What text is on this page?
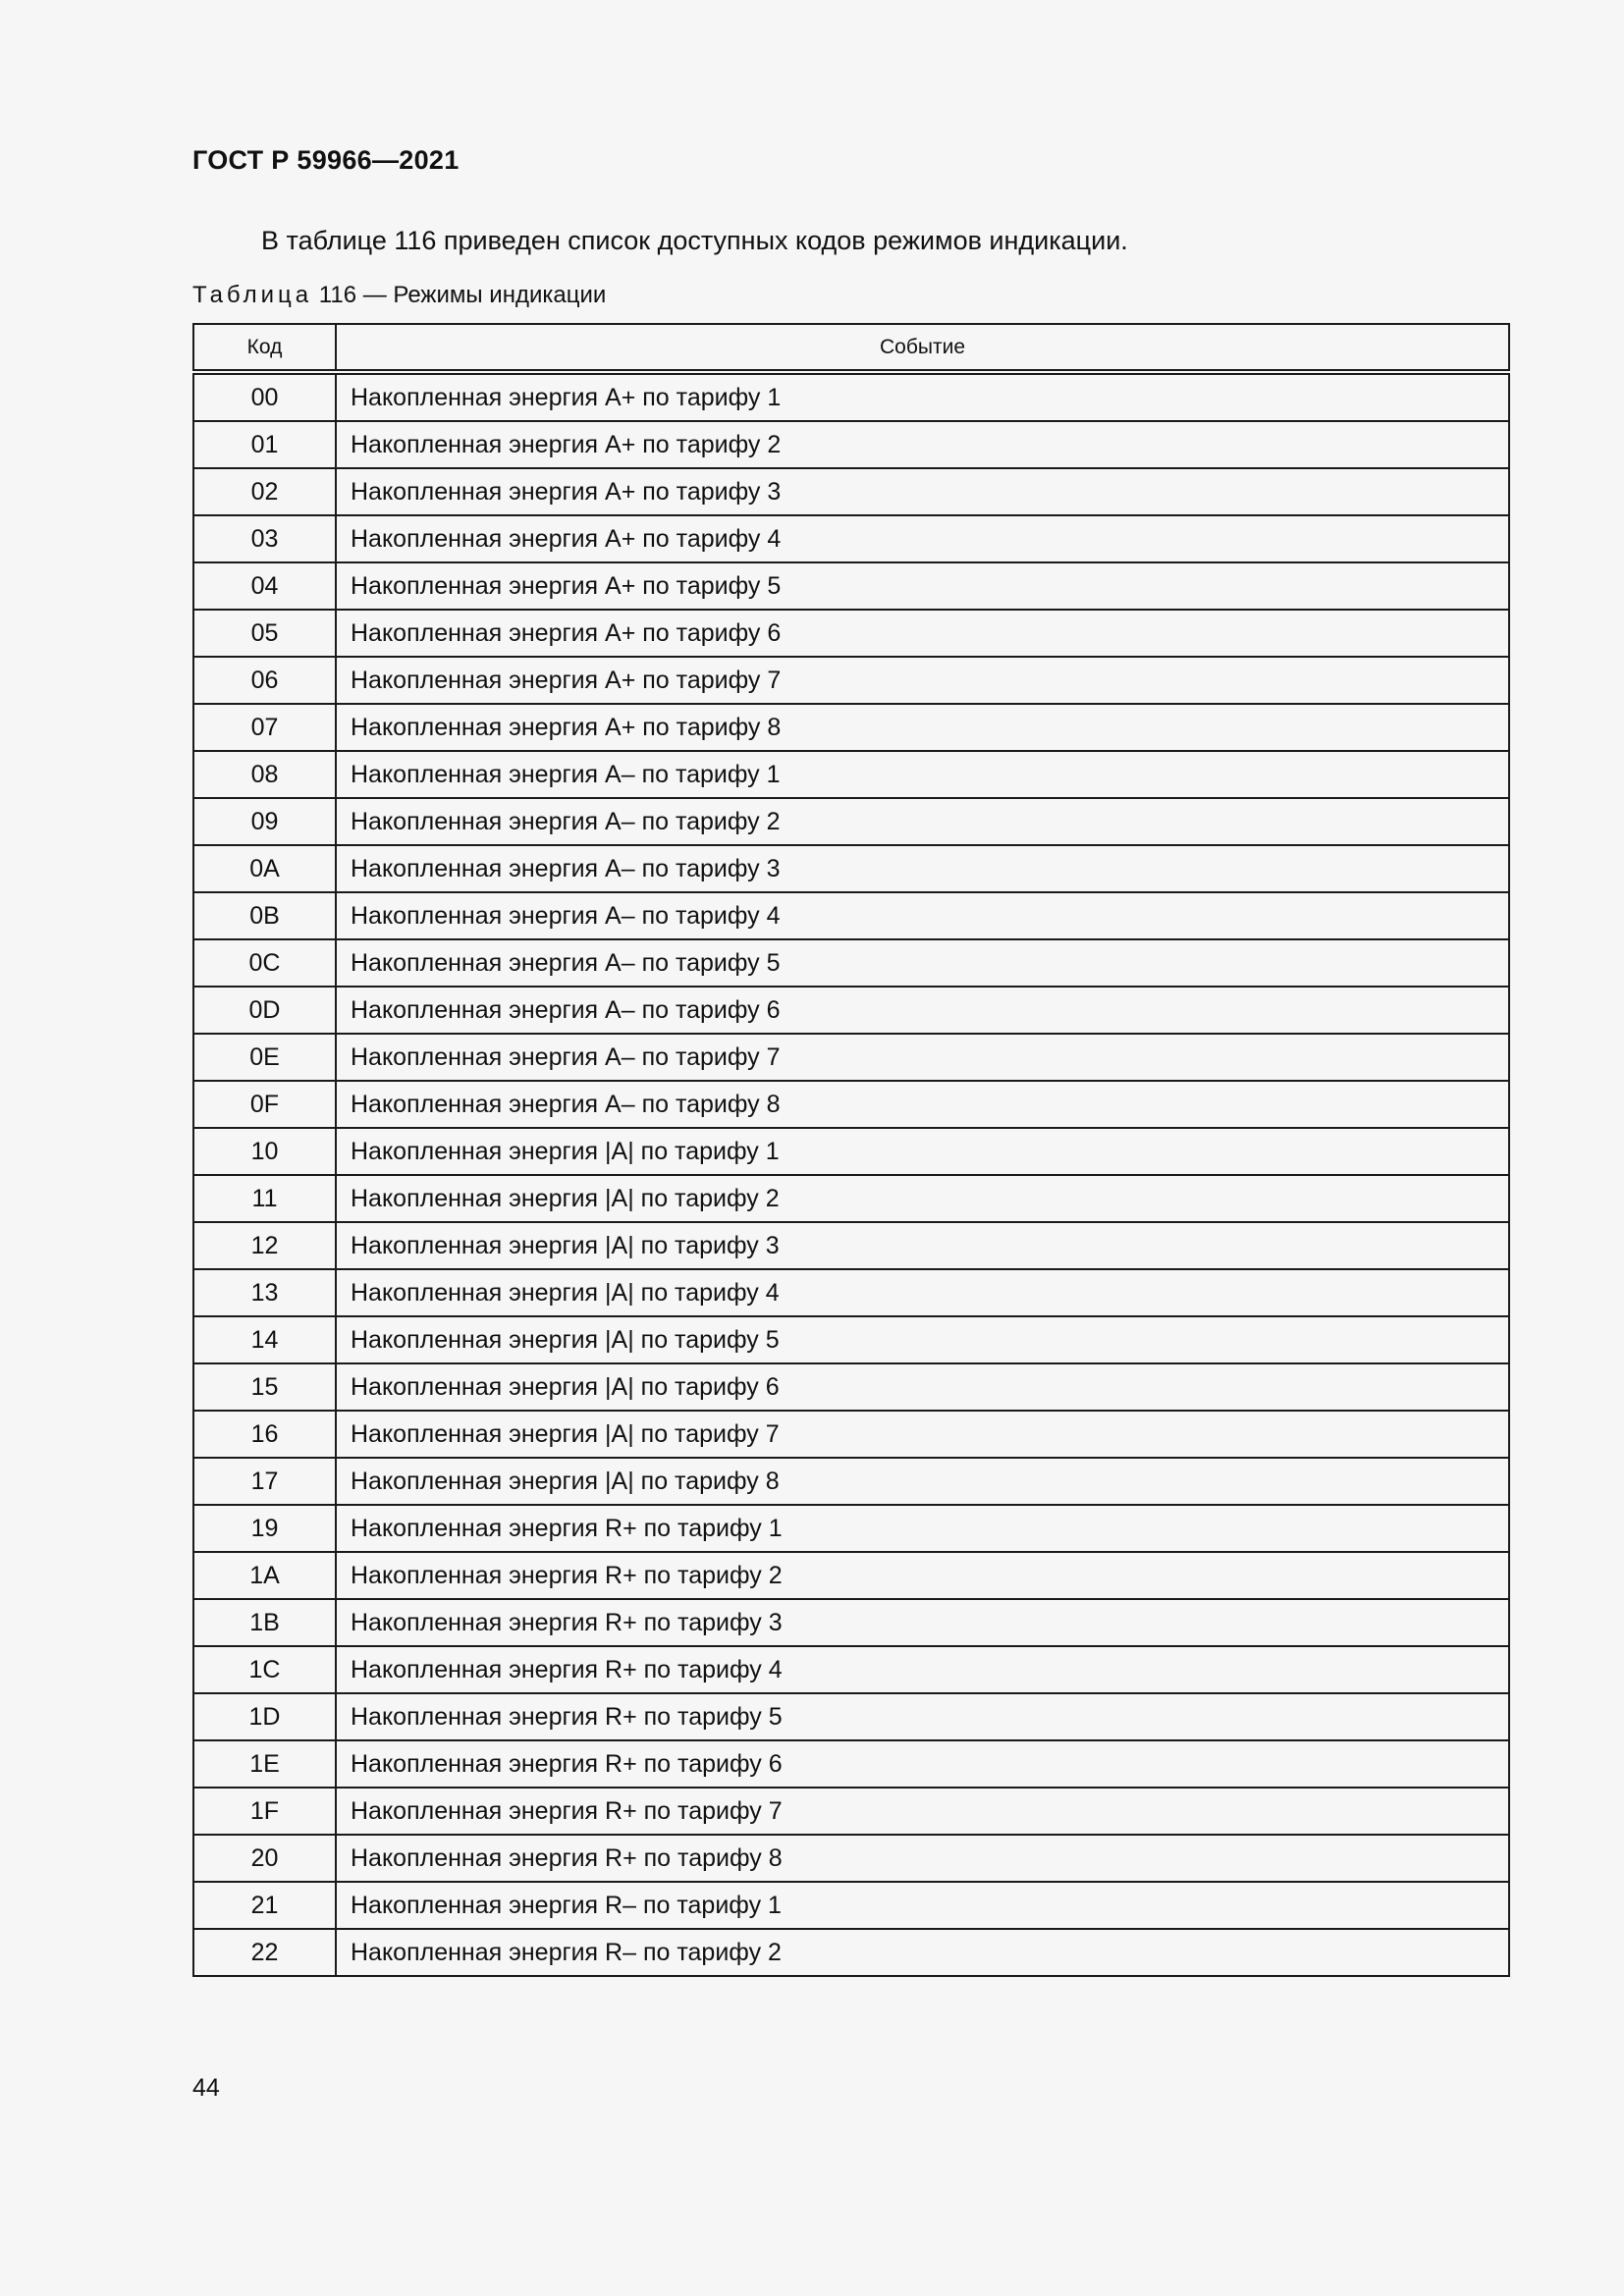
ГОСТ Р 59966—2021
В таблице 116 приведен список доступных кодов режимов индикации.
Таблица 116 — Режимы индикации
Код	Событие
00	Накопленная энергия А+ по тарифу 1
01	Накопленная энергия А+ по тарифу 2
02	Накопленная энергия А+ по тарифу 3
03	Накопленная энергия А+ по тарифу 4
04	Накопленная энергия А+ по тарифу 5
05	Накопленная энергия А+ по тарифу 6
06	Накопленная энергия А+ по тарифу 7
07	Накопленная энергия А+ по тарифу 8
08	Накопленная энергия А– по тарифу 1
09	Накопленная энергия А– по тарифу 2
0A	Накопленная энергия А– по тарифу 3
0B	Накопленная энергия А– по тарифу 4
0C	Накопленная энергия А– по тарифу 5
0D	Накопленная энергия А– по тарифу 6
0E	Накопленная энергия А– по тарифу 7
0F	Накопленная энергия А– по тарифу 8
10	Накопленная энергия |А| по тарифу 1
11	Накопленная энергия |А| по тарифу 2
12	Накопленная энергия |А| по тарифу 3
13	Накопленная энергия |А| по тарифу 4
14	Накопленная энергия |А| по тарифу 5
15	Накопленная энергия |А| по тарифу 6
16	Накопленная энергия |А| по тарифу 7
17	Накопленная энергия |А| по тарифу 8
19	Накопленная энергия R+ по тарифу 1
1A	Накопленная энергия R+ по тарифу 2
1B	Накопленная энергия R+ по тарифу 3
1C	Накопленная энергия R+ по тарифу 4
1D	Накопленная энергия R+ по тарифу 5
1E	Накопленная энергия R+ по тарифу 6
1F	Накопленная энергия R+ по тарифу 7
20	Накопленная энергия R+ по тарифу 8
21	Накопленная энергия R– по тарифу 1
22	Накопленная энергия R– по тарифу 2
44
